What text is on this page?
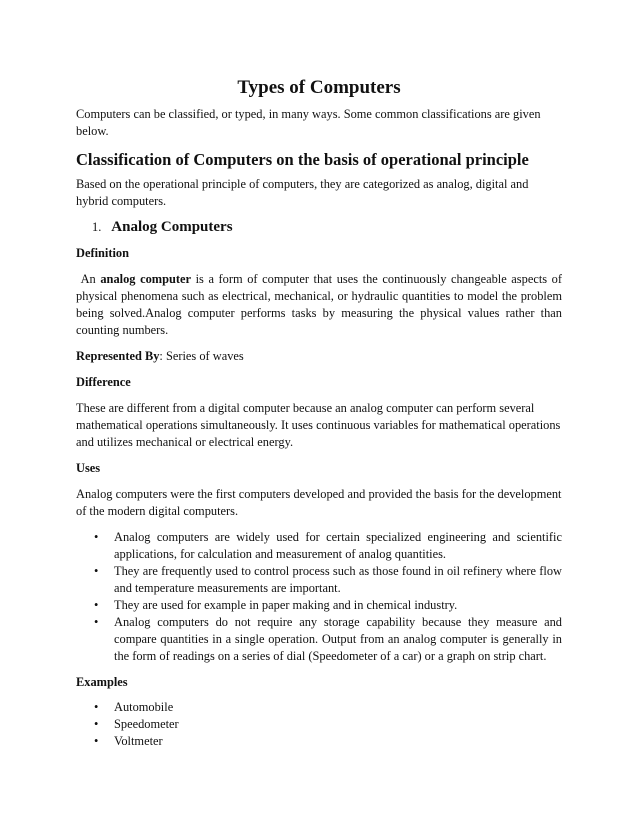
Types of Computers

Computers can be classified, or typed, in many ways. Some common classifications are given below.

Classification of Computers on the basis of operational principle

Based on the operational principle of computers, they are categorized as analog, digital and hybrid computers.

1. Analog Computers

Definition

An analog computer is a form of computer that uses the continuously changeable aspects of physical phenomena such as electrical, mechanical, or hydraulic quantities to model the problem being solved.Analog computer performs tasks by measuring the physical values rather than counting numbers.

Represented By: Series of waves

Difference

These are different from a digital computer because an analog computer can perform several mathematical operations simultaneously. It uses continuous variables for mathematical operations and utilizes mechanical or electrical energy.

Uses

Analog computers were the first computers developed and provided the basis for the development of the modern digital computers.

• Analog computers are widely used for certain specialized engineering and scientific applications, for calculation and measurement of analog quantities.
• They are frequently used to control process such as those found in oil refinery where flow and temperature measurements are important.
• They are used for example in paper making and in chemical industry.
• Analog computers do not require any storage capability because they measure and compare quantities in a single operation. Output from an analog computer is generally in the form of readings on a series of dial (Speedometer of a car) or a graph on strip chart.

Examples

• Automobile
• Speedometer
• Voltmeter
